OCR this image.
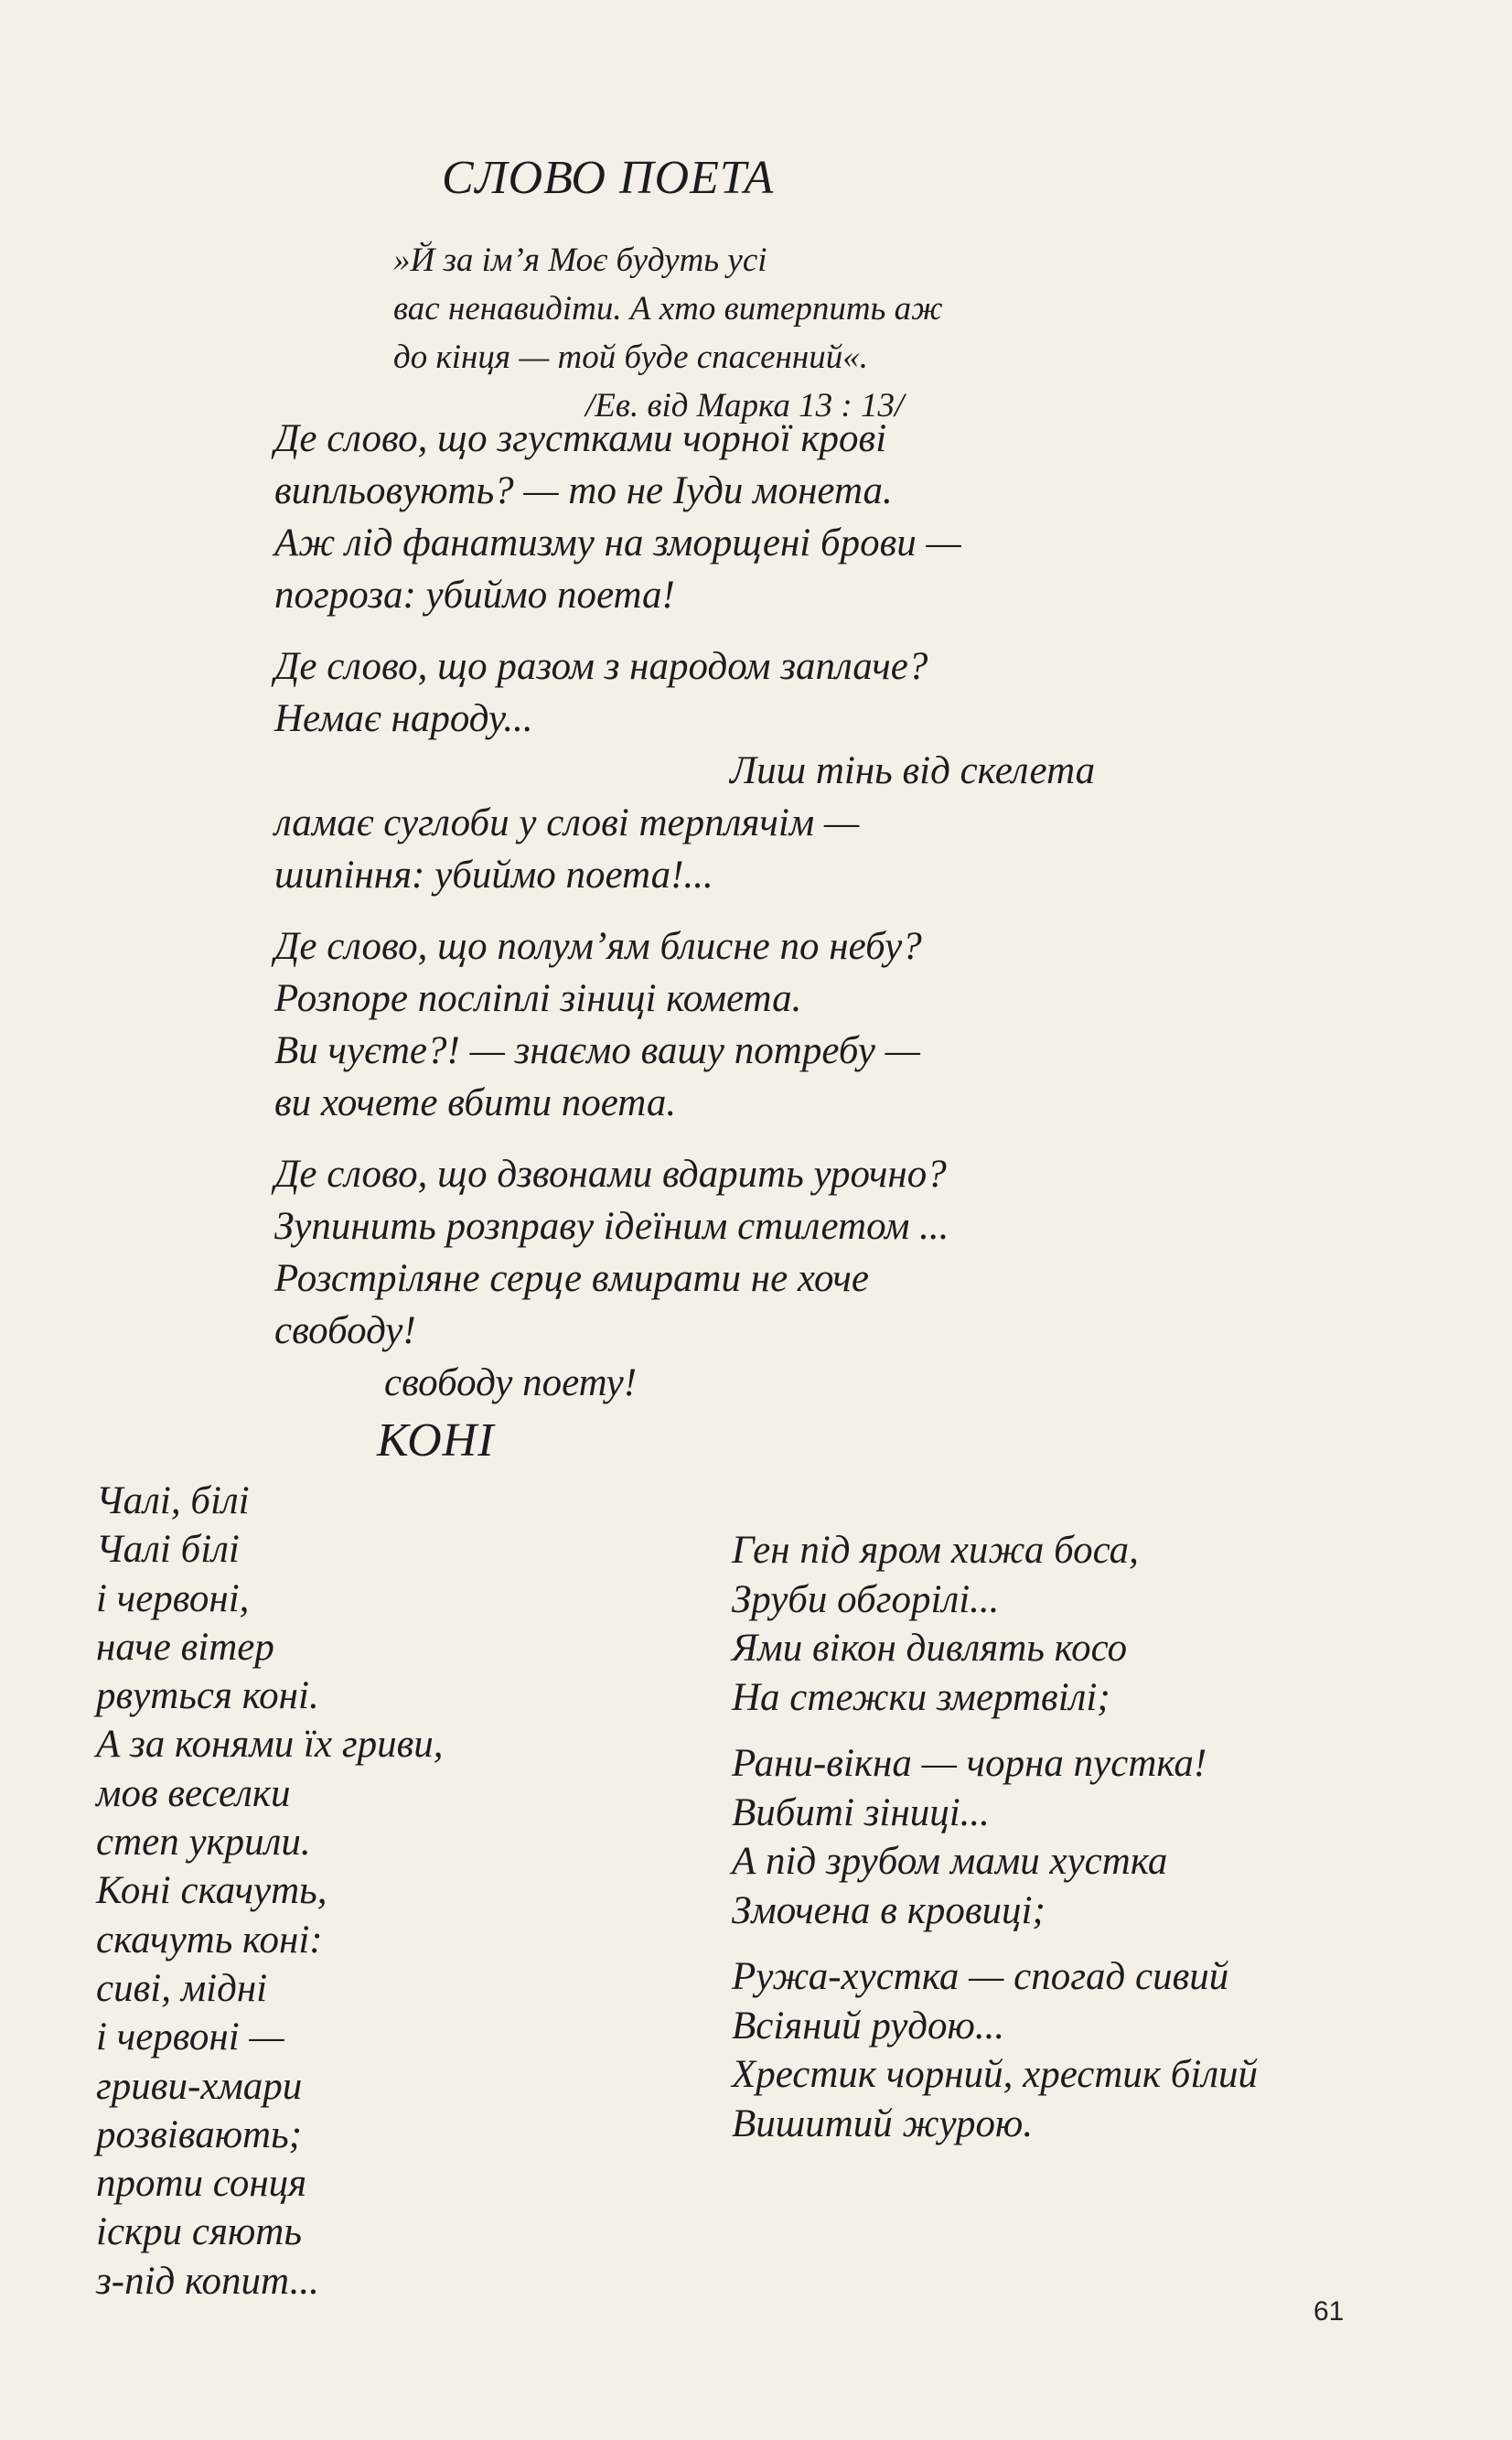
СЛОВО ПОЕТА
»Й за ім’я Моє будуть усі
вас ненавидіти. А хто витерпить аж
до кінця — той буде спасенний«.
/Ев. від Марка 13 : 13/
Де слово, що згустками чорної крові
випльовують? — то не Іуди монета.
Аж лід фанатизму на зморщені брови —
погроза: убиймо поета!
Де слово, що разом з народом заплаче?
Немає народу...
Лиш тінь від скелета
ламає суглоби у слові терплячім —
шипіння: убиймо поета!...
Де слово, що полум’ям блисне по небу?
Розпоре посліплі зіниці комета.
Ви чуєте?! — знаємо вашу потребу —
ви хочете вбити поета.
Де слово, що дзвонами вдарить урочно?
Зупинить розправу ідеїним стилетом ...
Розстріляне серце вмирати не хоче
свободу!
свободу поету!
КОНІ
Чалі, білі
Чалі білі
і червоні,
наче вітер
рвуться коні.
А за конями їх гриви,
мов веселки
степ укрили.
Коні скачуть,
скачуть коні:
сиві, мідні
і червоні —
гриви-хмари
розвівають;
проти сонця
іскри сяють
з-під копит...
Ген під яром хижа боса,
Зруби обгорілі...
Ями вікон дивлять косо
На стежки змертвілі;
Рани-вікна — чорна пустка!
Вибиті зіниці...
А під зрубом мами хустка
Змочена в кровиці;
Ружа-хустка — спогад сивий
Всіяний рудою...
Хрестик чорний, хрестик білий
Вишитий журою.
61
